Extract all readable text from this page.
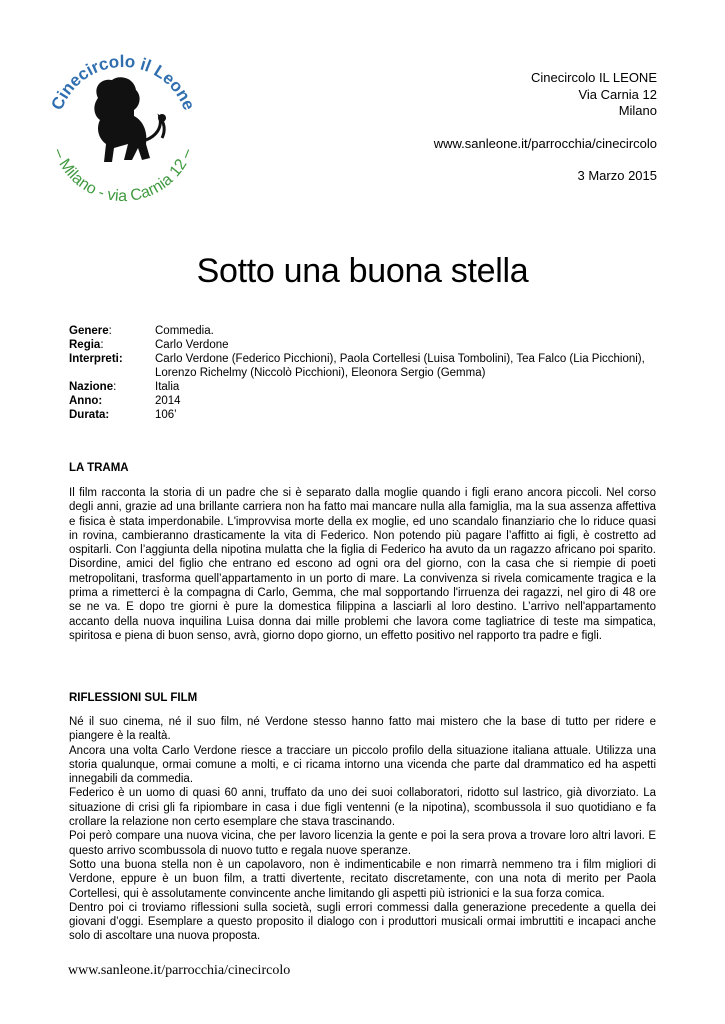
Cinecircolo il Leone
– Milano - via Carnia 12 –
Cinecircolo IL LEONE
Via Carnia 12
Milano
www.sanleone.it/parrocchia/cinecircolo
3 Marzo 2015
Sotto una buona stella
Genere:	Commedia.
Regia:	Carlo Verdone
Interpreti:	Carlo Verdone (Federico Picchioni), Paola Cortellesi (Luisa Tombolini), Tea Falco (Lia Picchioni), Lorenzo Richelmy (Niccolò Picchioni), Eleonora Sergio (Gemma)
Nazione:	Italia
Anno:	2014
Durata:	106’
LA TRAMA

Il film racconta la storia di un padre che si è separato dalla moglie quando i figli erano ancora piccoli. Nel corso degli anni, grazie ad una brillante carriera non ha fatto mai mancare nulla alla famiglia, ma la sua assenza affettiva e fisica è stata imperdonabile. L'improvvisa morte della ex moglie, ed uno scandalo finanziario che lo riduce quasi in rovina, cambieranno drasticamente la vita di Federico. Non potendo più pagare l’affitto ai figli, è costretto ad ospitarli. Con l’aggiunta della nipotina mulatta che la figlia di Federico ha avuto da un ragazzo africano poi sparito. Disordine, amici del figlio che entrano ed escono ad ogni ora del giorno, con la casa che si riempie di poeti metropolitani, trasforma quell’appartamento in un porto di mare. La convivenza si rivela comicamente tragica e la prima a rimetterci è la compagna di Carlo, Gemma, che mal sopportando l'irruenza dei ragazzi, nel giro di 48 ore se ne va. E dopo tre giorni è pure la domestica filippina a lasciarli al loro destino. L’arrivo nell'appartamento accanto della nuova inquilina Luisa donna dai mille problemi che lavora come tagliatrice di teste ma simpatica, spiritosa e piena di buon senso, avrà, giorno dopo giorno, un effetto positivo nel rapporto tra padre e figli.

RIFLESSIONI SUL FILM

Né il suo cinema, né il suo film, né Verdone stesso hanno fatto mai mistero che la base di tutto per ridere e piangere è la realtà.

Ancora una volta Carlo Verdone riesce a tracciare un piccolo profilo della situazione italiana attuale. Utilizza una storia qualunque, ormai comune a molti, e ci ricama intorno una vicenda che parte dal drammatico ed ha aspetti innegabili da commedia.

Federico è un uomo di quasi 60 anni, truffato da uno dei suoi collaboratori, ridotto sul lastrico, già divorziato. La situazione di crisi gli fa ripiombare in casa i due figli ventenni (e la nipotina), scombussola il suo quotidiano e fa crollare la relazione non certo esemplare che stava trascinando.

Poi però compare una nuova vicina, che per lavoro licenzia la gente e poi la sera prova a trovare loro altri lavori. E questo arrivo scombussola di nuovo tutto e regala nuove speranze.

Sotto una buona stella non è un capolavoro, non è indimenticabile e non rimarrà nemmeno tra i film migliori di Verdone, eppure è un buon film, a tratti divertente, recitato discretamente, con una nota di merito per Paola Cortellesi, qui è assolutamente convincente anche limitando gli aspetti più istrionici e la sua forza comica.

Dentro poi ci troviamo riflessioni sulla società, sugli errori commessi dalla generazione precedente a quella dei giovani d’oggi. Esemplare a questo proposito il dialogo con i produttori musicali ormai imbruttiti e incapaci anche solo di ascoltare una nuova proposta.

www.sanleone.it/parrocchia/cinecircolo
